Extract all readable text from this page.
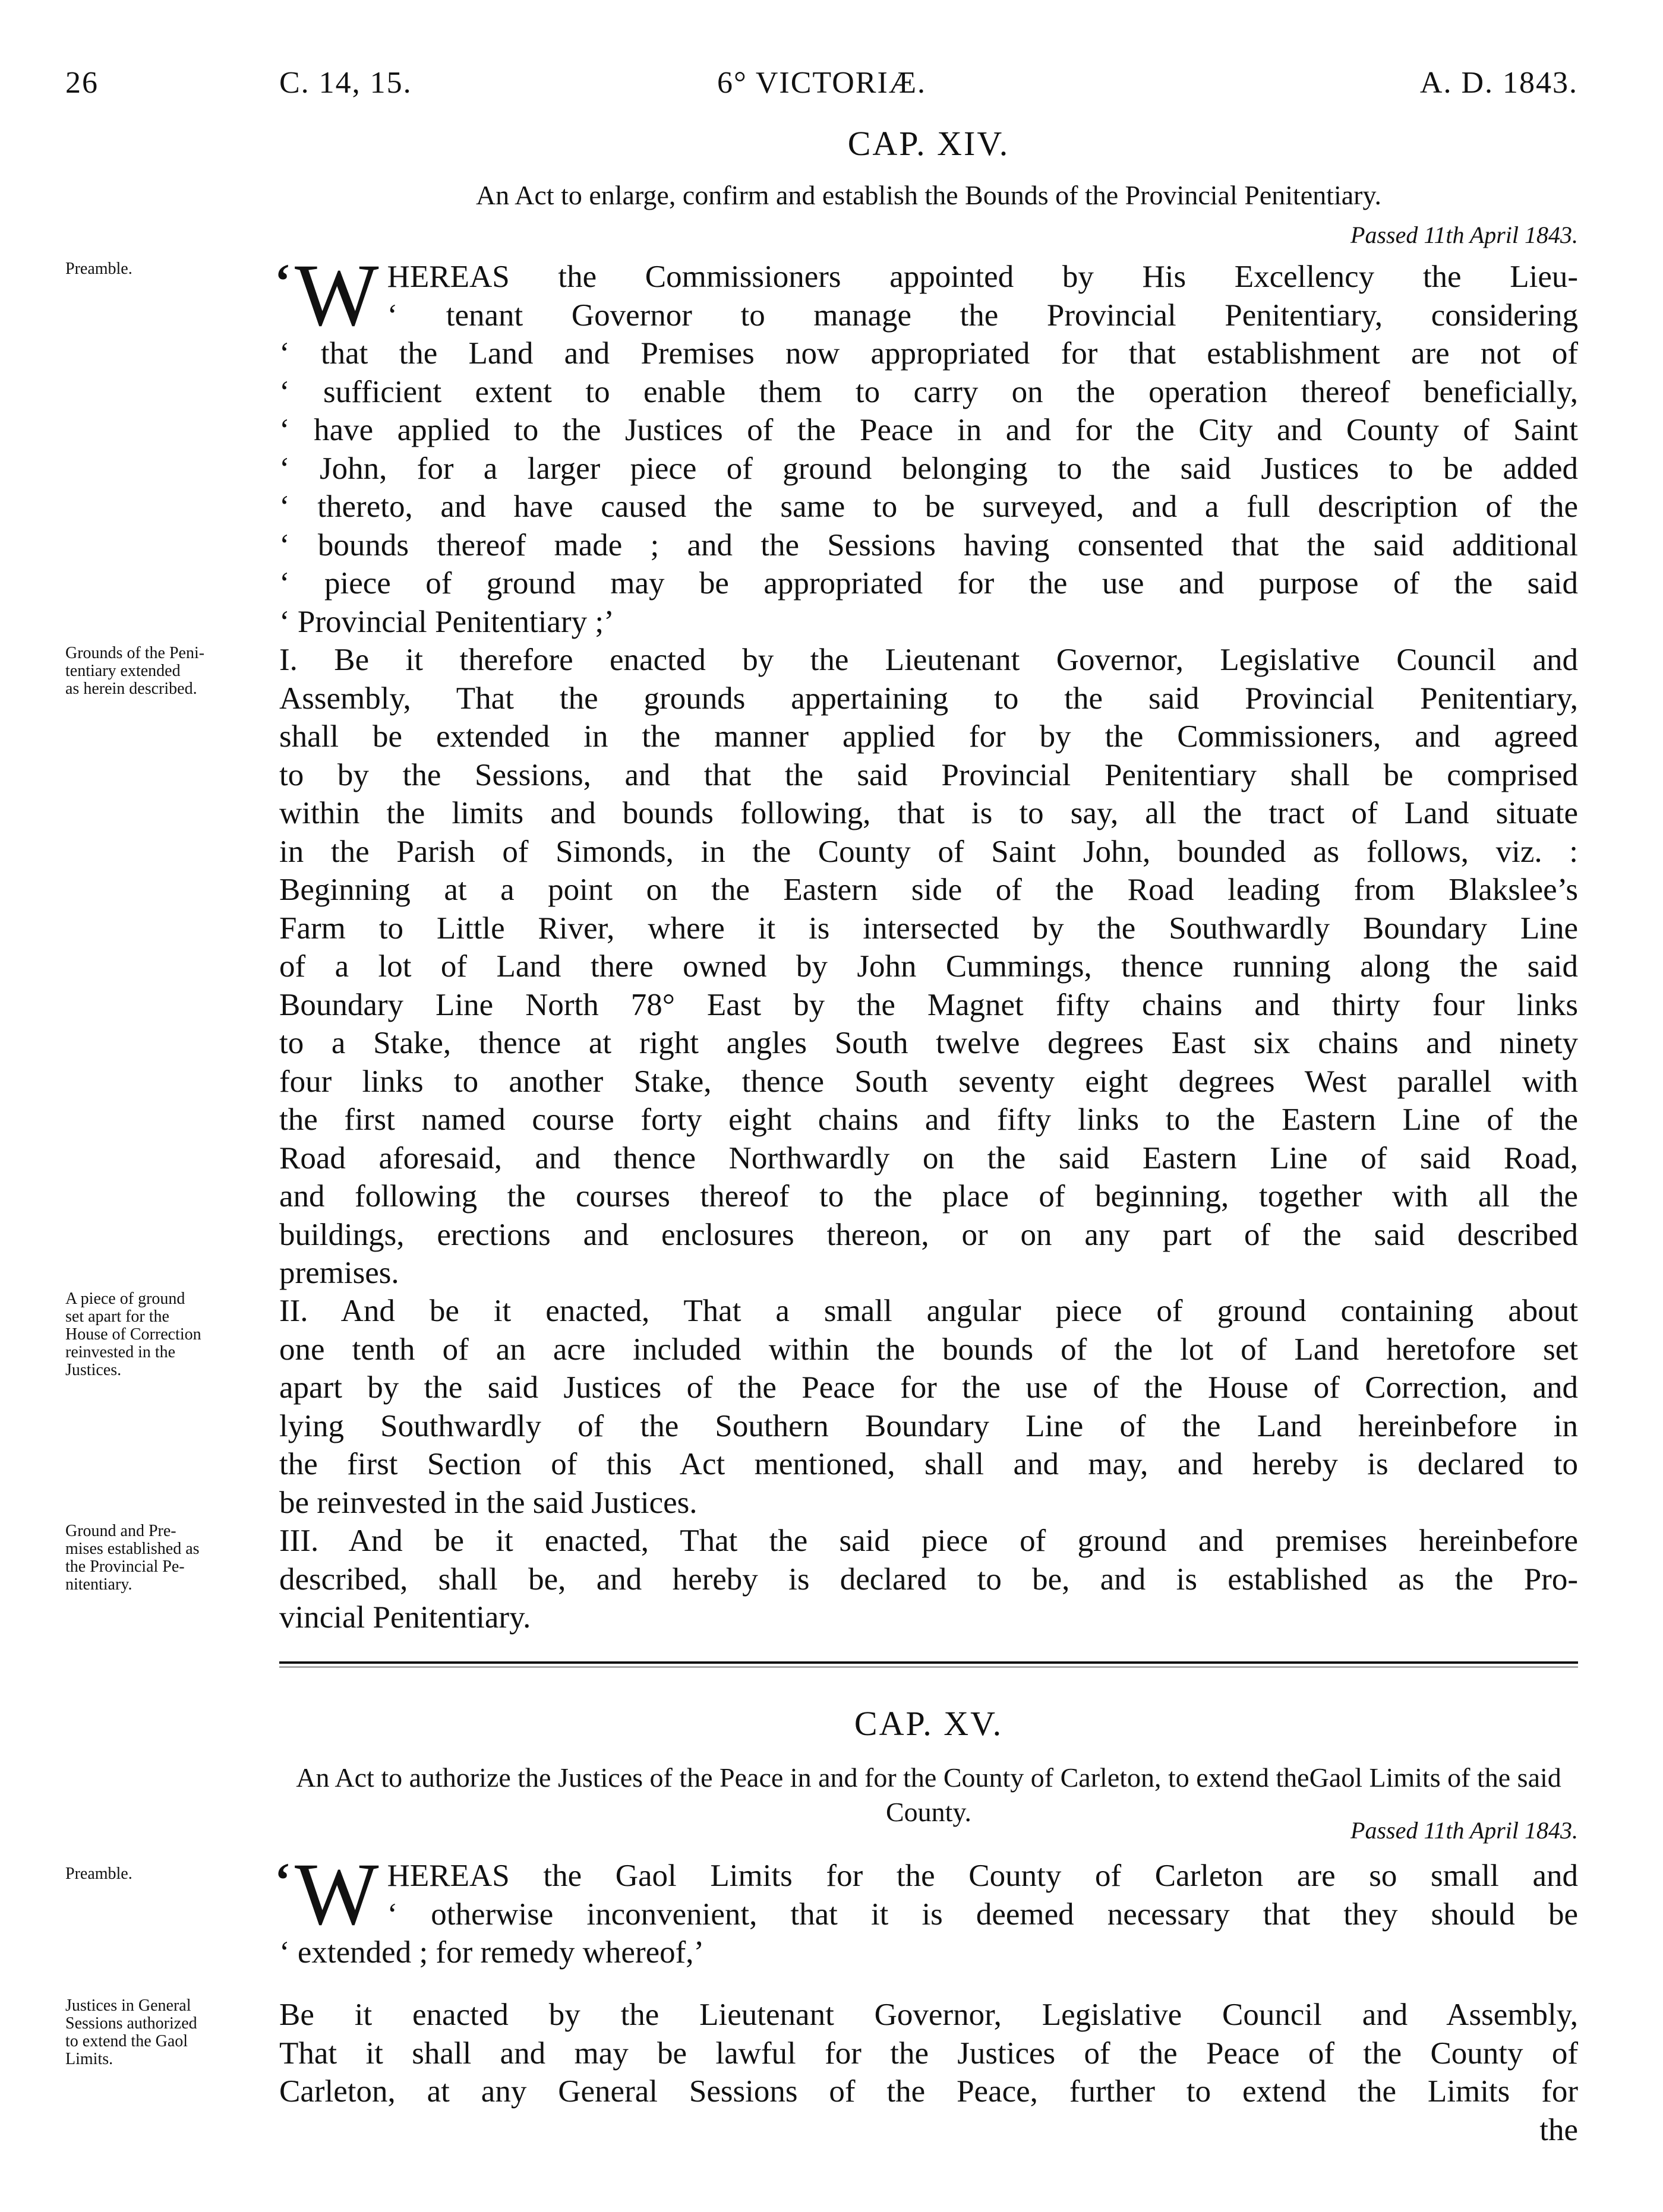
26	C. 14, 15.	6° VICTORIÆ.	A. D. 1843.
CAP. XIV.
An Act to enlarge, confirm and establish the Bounds of the Provincial Penitentiary.
Passed 11th April 1843.
Preamble.
Grounds of the Peni-
tentiary extended
as herein described.
A piece of ground
set apart for the
House of Correction
reinvested in the
Justices.
Ground and Pre-
mises established as
the Provincial Pe-
nitentiary.
‘ W HEREAS the Commissioners appointed by His Excellency the Lieu-
‘ tenant Governor to manage the Provincial Penitentiary, considering
‘ that the Land and Premises now appropriated for that establishment are not of
‘ sufficient extent to enable them to carry on the operation thereof beneficially,
‘ have applied to the Justices of the Peace in and for the City and County of Saint
‘ John, for a larger piece of ground belonging to the said Justices to be added
‘ thereto, and have caused the same to be surveyed, and a full description of the
‘ bounds thereof made ; and the Sessions having consented that the said additional
‘ piece of ground may be appropriated for the use and purpose of the said
‘ Provincial Penitentiary ;’
I. Be it therefore enacted by the Lieutenant Governor, Legislative Council and
Assembly, That the grounds appertaining to the said Provincial Penitentiary,
shall be extended in the manner applied for by the Commissioners, and agreed
to by the Sessions, and that the said Provincial Penitentiary shall be comprised
within the limits and bounds following, that is to say, all the tract of Land situate
in the Parish of Simonds, in the County of Saint John, bounded as follows, viz. :
Beginning at a point on the Eastern side of the Road leading from Blakslee’s
Farm to Little River, where it is intersected by the Southwardly Boundary Line
of a lot of Land there owned by John Cummings, thence running along the said
Boundary Line North 78° East by the Magnet fifty chains and thirty four links
to a Stake, thence at right angles South twelve degrees East six chains and ninety
four links to another Stake, thence South seventy eight degrees West parallel with
the first named course forty eight chains and fifty links to the Eastern Line of the
Road aforesaid, and thence Northwardly on the said Eastern Line of said Road,
and following the courses thereof to the place of beginning, together with all the
buildings, erections and enclosures thereon, or on any part of the said described
premises.
II. And be it enacted, That a small angular piece of ground containing about
one tenth of an acre included within the bounds of the lot of Land heretofore set
apart by the said Justices of the Peace for the use of the House of Correction, and
lying Southwardly of the Southern Boundary Line of the Land hereinbefore in
the first Section of this Act mentioned, shall and may, and hereby is declared to
be reinvested in the said Justices.
III. And be it enacted, That the said piece of ground and premises hereinbefore
described, shall be, and hereby is declared to be, and is established as the Pro-
vincial Penitentiary.
CAP. XV.
An Act to authorize the Justices of the Peace in and for the County of Carleton, to extend theGaol Limits of the said County.
Passed 11th April 1843.
Preamble.
Justices in General
Sessions authorized
to extend the Gaol
Limits.
‘ W HEREAS the Gaol Limits for the County of Carleton are so small and
‘ otherwise inconvenient, that it is deemed necessary that they should be
‘ extended ; for remedy whereof,’
Be it enacted by the Lieutenant Governor, Legislative Council and Assembly,
That it shall and may be lawful for the Justices of the Peace of the County of
Carleton, at any General Sessions of the Peace, further to extend the Limits for
the
